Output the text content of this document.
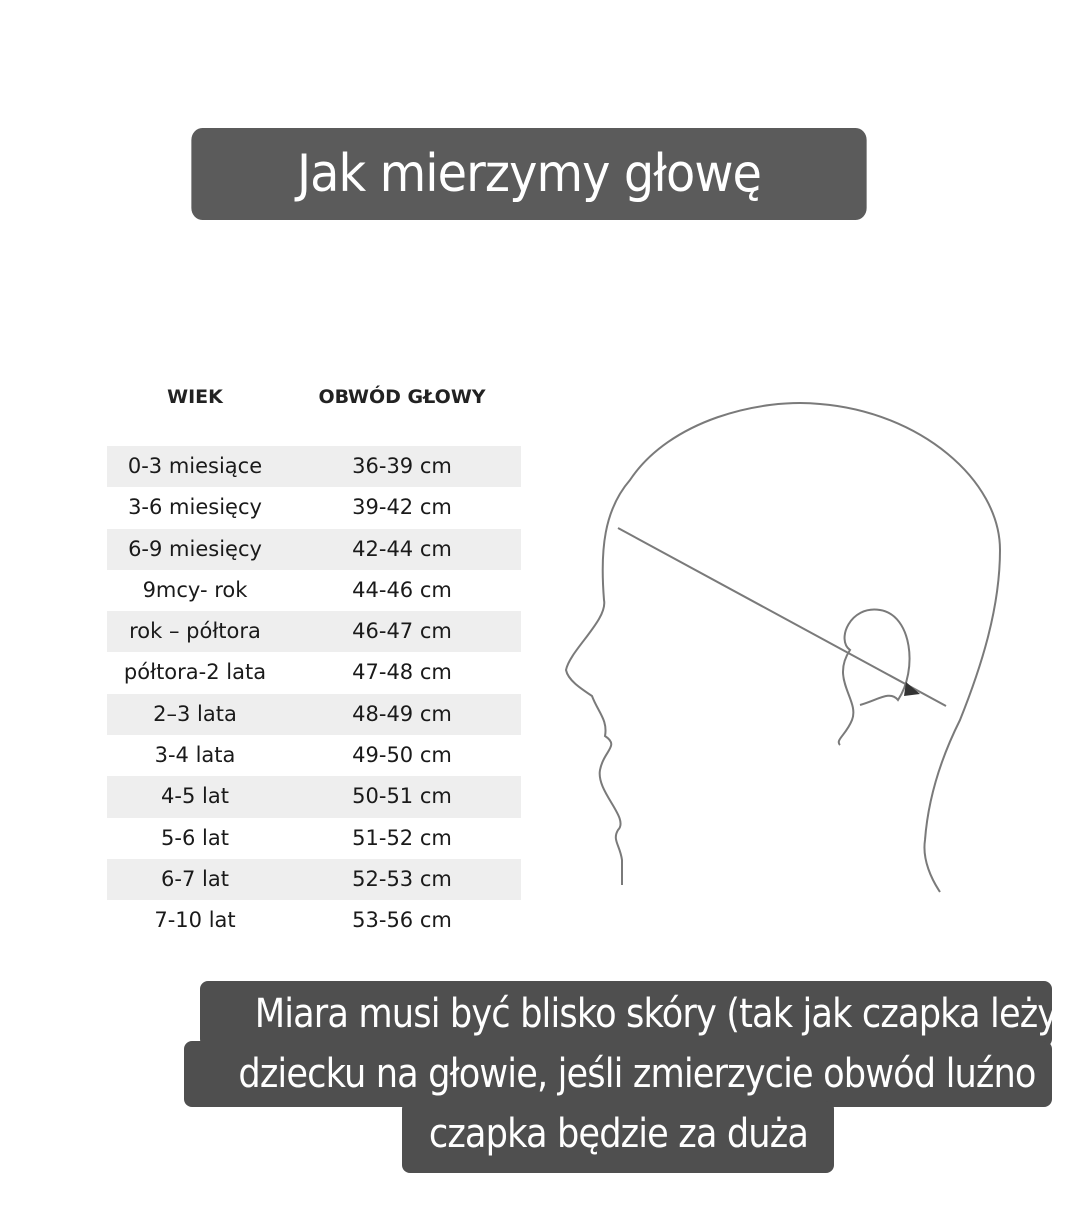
Jak mierzymy głowę dziecka?
WIEK	OBWÓD GŁOWY
0-3 miesiące	36-39 cm
3-6 miesięcy	39-42 cm
6-9 miesięcy	42-44 cm
9mcy- rok	44-46 cm
rok – półtora	46-47 cm
półtora-2 lata	47-48 cm
2–3 lata	48-49 cm
3-4 lata	49-50 cm
4-5 lat	50-51 cm
5-6 lat	51-52 cm
6-7 lat	52-53 cm
7-10 lat	53-56 cm
Miara musi być blisko skóry (tak jak czapka leży
dziecku na głowie, jeśli zmierzycie obwód luźno
czapka będzie za duża
